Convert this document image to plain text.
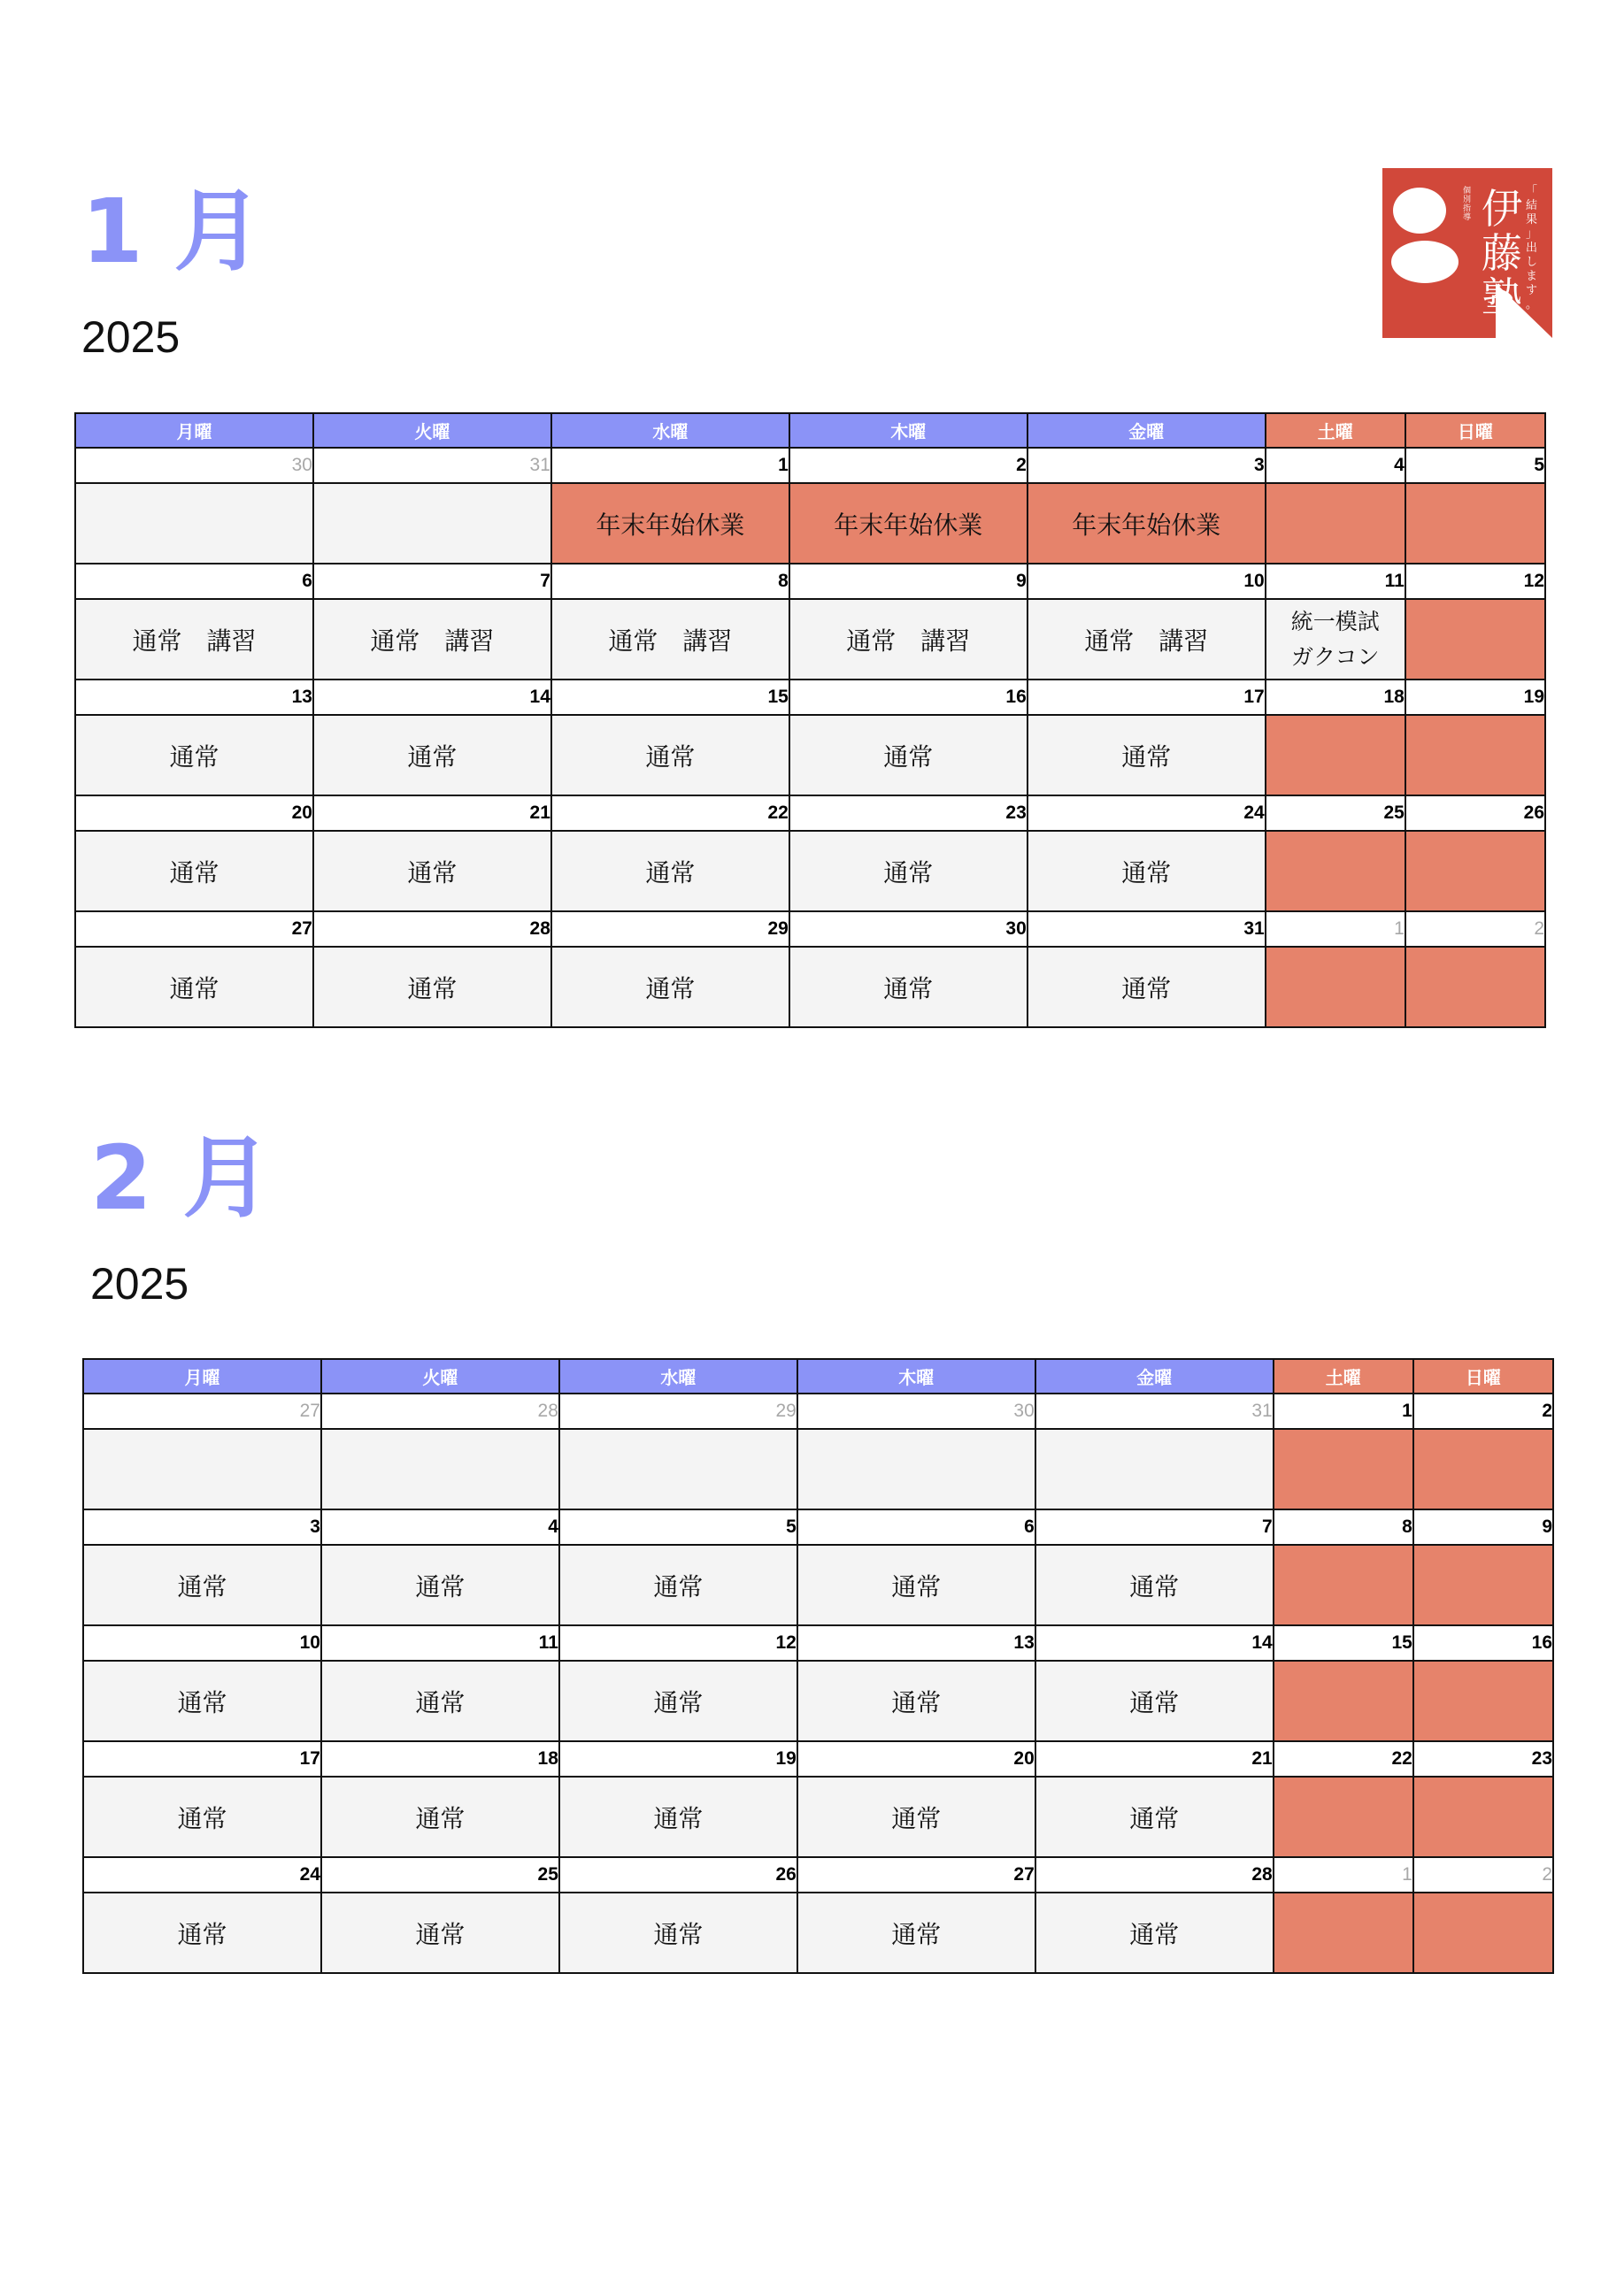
伊
藤
塾
「
結
果
」
出
し
ま
す
。
個
別
指
導
1 月
2025
月曜	火曜	水曜	木曜	金曜	土曜	日曜
30	31	1	2	3	4	5
		年末年始休業	年末年始休業	年末年始休業		
6	7	8	9	10	11	12
通常　講習	通常　講習	通常　講習	通常　講習	通常　講習	統一模試
ガクコン	
13	14	15	16	17	18	19
通常	通常	通常	通常	通常		
20	21	22	23	24	25	26
通常	通常	通常	通常	通常		
27	28	29	30	31	1	2
通常	通常	通常	通常	通常		
2 月
2025
月曜	火曜	水曜	木曜	金曜	土曜	日曜
27	28	29	30	31	1	2

3	4	5	6	7	8	9
通常	通常	通常	通常	通常		
10	11	12	13	14	15	16
通常	通常	通常	通常	通常		
17	18	19	20	21	22	23
通常	通常	通常	通常	通常		
24	25	26	27	28	1	2
通常	通常	通常	通常	通常		
